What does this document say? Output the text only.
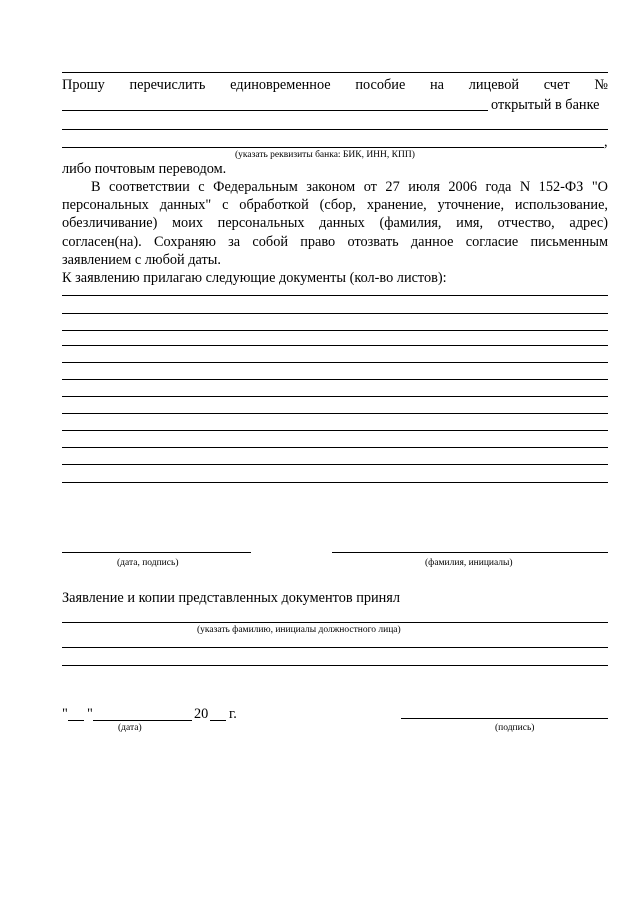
Прошу перечислить единовременное пособие на лицевой счет №
открытый в банке
,
(указать реквизиты банка: БИК, ИНН, КПП)
либо почтовым переводом.

В соответствии с Федеральным законом от 27 июля 2006 года N 152-ФЗ "О

персональных данных" с обработкой (сбор, хранение, уточнение, использование,

обезличивание) моих персональных данных (фамилия, имя, отчество, адрес)

согласен(на). Сохраняю за собой право отозвать данное согласие письменным

заявлением с любой даты.

К заявлению прилагаю следующие документы (кол-во листов):
(дата, подпись)	(фамилия, инициалы)
Заявление и копии представленных документов принял
(указать фамилию, инициалы должностного лица)
" "	20 г.
(дата)	(подпись)
